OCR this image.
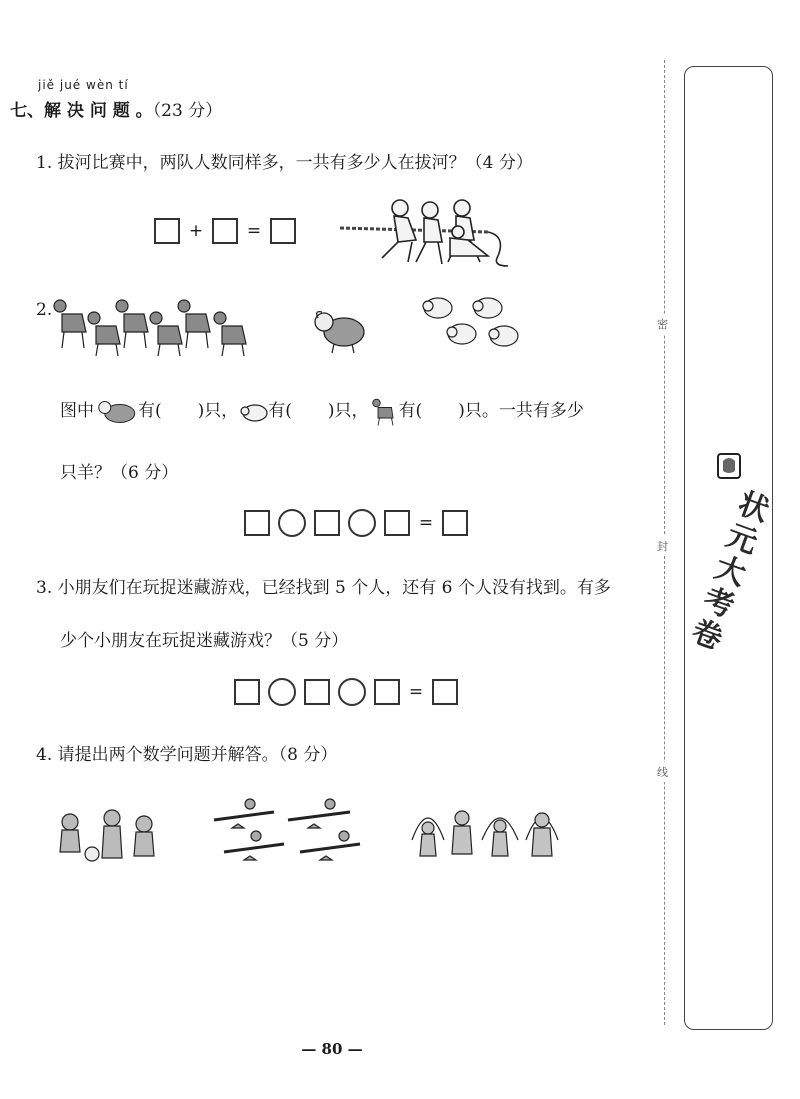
jiě jué wèn tí
七、解 决 问 题 。（23 分）
1. 拔河比赛中，两队人数同样多，一共有多少人在拔河？（4 分）
+	=
2.
图中	有( )只， 有( )只， 有( )只。一共有多少
只羊？（6 分）
=
3. 小朋友们在玩捉迷藏游戏，已经找到 5 个人，还有 6 个人没有找到。有多
少个小朋友在玩捉迷藏游戏？（5 分）
=
4. 请提出两个数学问题并解答。（8 分）
密
封
线
状元大考卷
— 80 —
